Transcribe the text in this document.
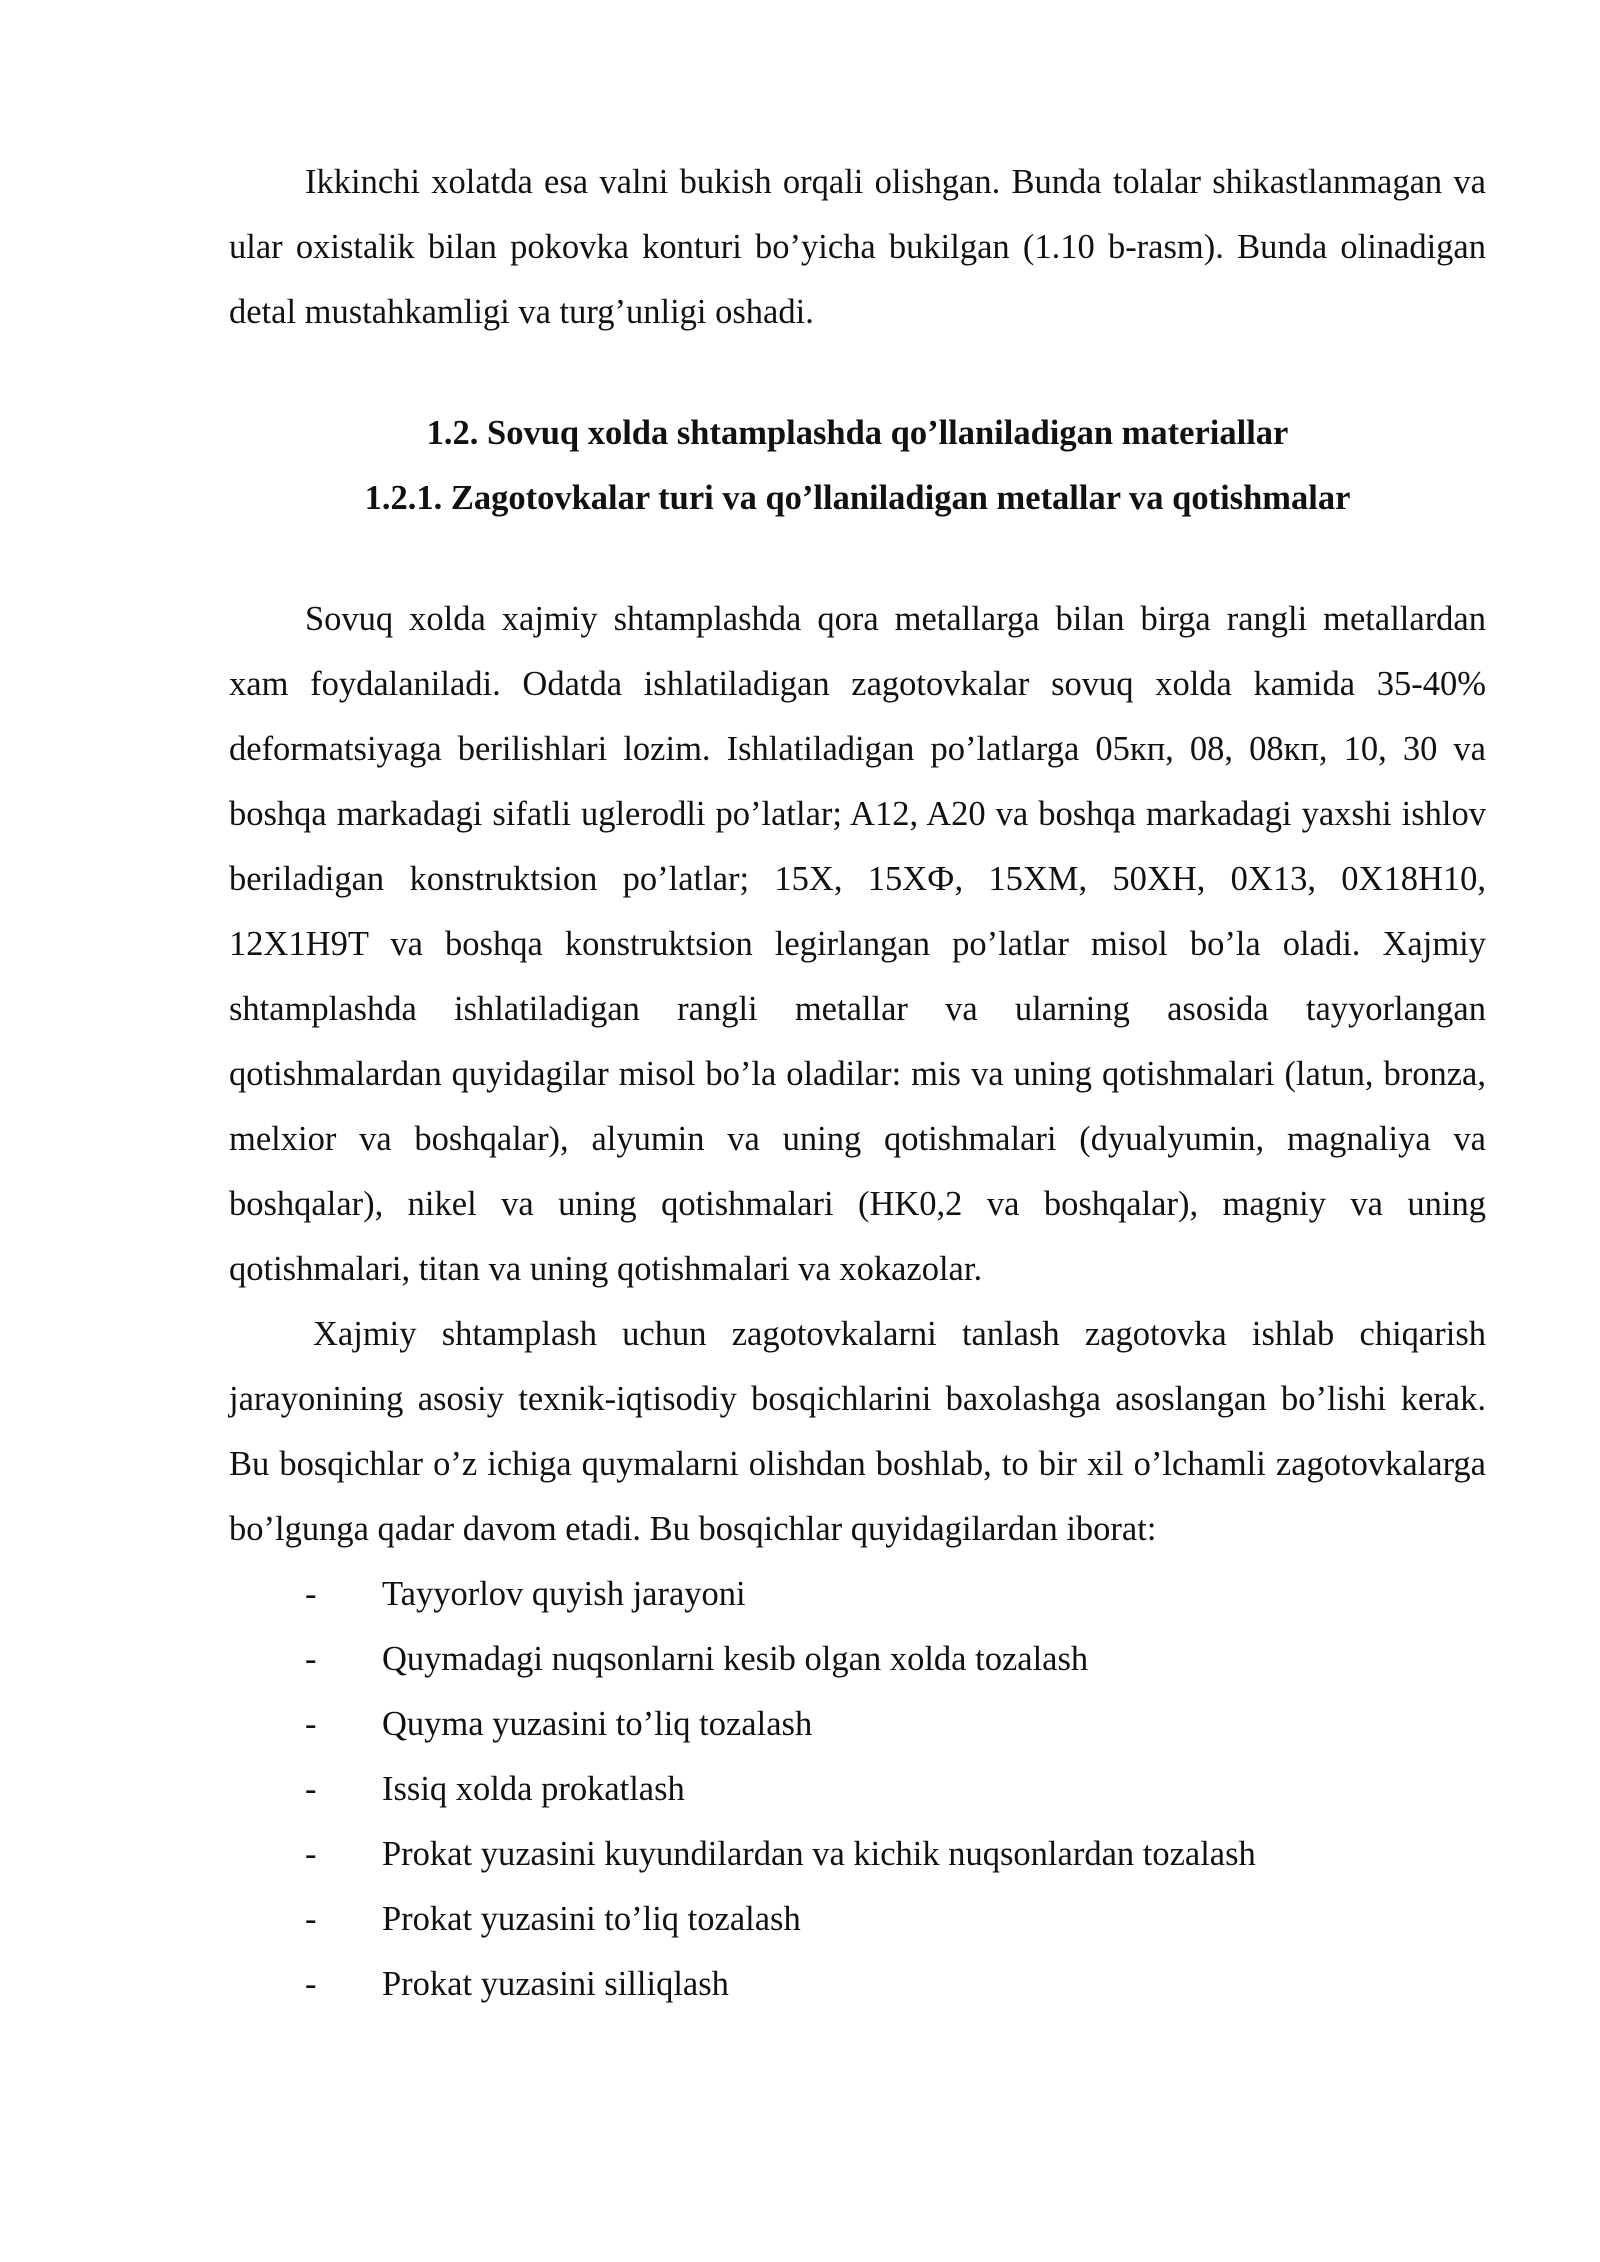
Ikkinchi xolatda esa valni bukish orqali olishgan. Bunda tolalar shikastlanmagan va ular oxistalik bilan pokovka konturi bo’yicha bukilgan (1.10 b-rasm). Bunda olinadigan detal mustahkamligi va turg’unligi oshadi.

1.2. Sovuq xolda shtamplashda qo’llaniladigan materiallar

1.2.1. Zagotovkalar turi va qo’llaniladigan metallar va qotishmalar

Sovuq xolda xajmiy shtamplashda qora metallarga bilan birga rangli metallardan xam foydalaniladi. Odatda ishlatiladigan zagotovkalar sovuq xolda kamida 35-40% deformatsiyaga berilishlari lozim. Ishlatiladigan po’latlarga 05кп, 08, 08кп, 10, 30 va boshqa markadagi sifatli uglerodli po’latlar; A12, A20 va boshqa markadagi yaxshi ishlov beriladigan konstruktsion po’latlar; 15X, 15XФ, 15XM, 50XH, 0X13, 0X18H10, 12X1H9T va boshqa konstruktsion legirlangan po’latlar misol bo’la oladi. Xajmiy shtamplashda ishlatiladigan rangli metallar va ularning asosida tayyorlangan qotishmalardan quyidagilar misol bo’la oladilar: mis va uning qotishmalari (latun, bronza, melxior va boshqalar), alyumin va uning qotishmalari (dyualyumin, magnaliya va boshqalar), nikel va uning qotishmalari (HK0,2 va boshqalar), magniy va uning qotishmalari, titan va uning qotishmalari va xokazolar.

Xajmiy shtamplash uchun zagotovkalarni tanlash zagotovka ishlab chiqarish jarayonining asosiy texnik-iqtisodiy bosqichlarini baxolashga asoslangan bo’lishi kerak. Bu bosqichlar o’z ichiga quymalarni olishdan boshlab, to bir xil o’lchamli zagotovkalarga bo’lgunga qadar davom etadi. Bu bosqichlar quyidagilardan iborat:

-	Tayyorlov quyish jarayoni
-	Quymadagi nuqsonlarni kesib olgan xolda tozalash
-	Quyma yuzasini to’liq tozalash
-	Issiq xolda prokatlash
-	Prokat yuzasini kuyundilardan va kichik nuqsonlardan tozalash
-	Prokat yuzasini to’liq tozalash
-	Prokat yuzasini silliqlash
